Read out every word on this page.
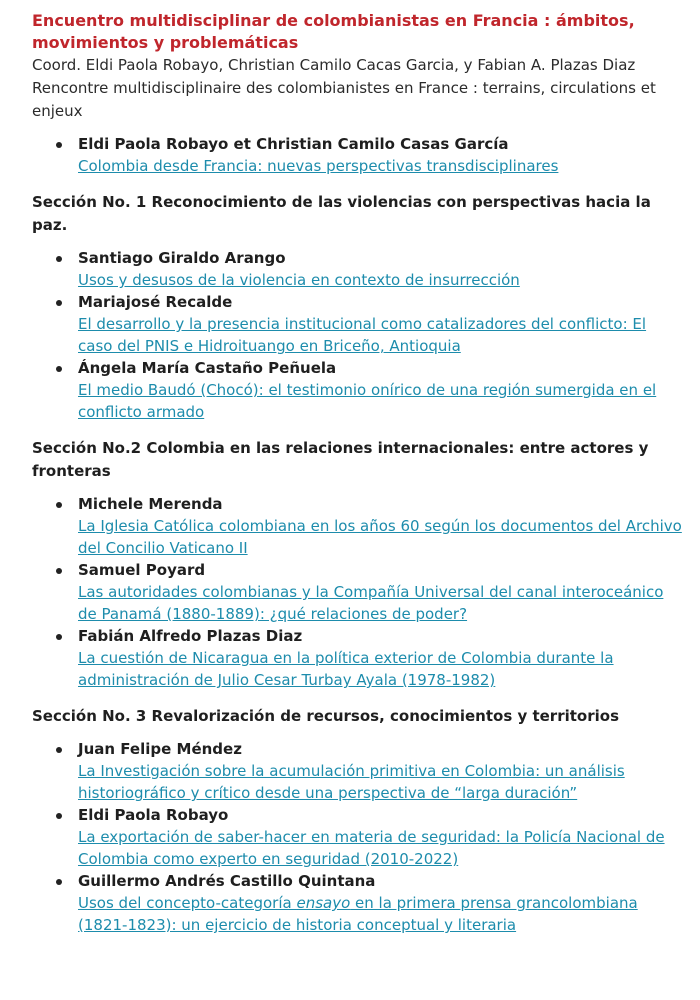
Encuentro multidisciplinar de colombianistas en Francia : ámbitos, movimientos y problemáticas

Coord. Eldi Paola Robayo, Christian Camilo Cacas Garcia, y Fabian A. Plazas Diaz

Rencontre multidisciplinaire des colombianistes en France : terrains, circulations et enjeux

Eldi Paola Robayo et Christian Camilo Casas García
Colombia desde Francia: nuevas perspectivas transdisciplinares
Sección No. 1 Reconocimiento de las violencias con perspectivas hacia la paz.
Santiago Giraldo Arango
Usos y desusos de la violencia en contexto de insurrección
Mariajosé Recalde
El desarrollo y la presencia institucional como catalizadores del conflicto: El caso del PNIS e Hidroituango en Briceño, Antioquia
Ángela María Castaño Peñuela
El medio Baudó (Chocó): el testimonio onírico de una región sumergida en el conflicto armado
Sección No.2 Colombia en las relaciones internacionales: entre actores y fronteras
Michele Merenda
La Iglesia Católica colombiana en los años 60 según los documentos del Archivo del Concilio Vaticano II
Samuel Poyard
Las autoridades colombianas y la Compañía Universal del canal interoceánico de Panamá (1880-1889): ¿qué relaciones de poder?
Fabián Alfredo Plazas Diaz
La cuestión de Nicaragua en la política exterior de Colombia durante la administración de Julio Cesar Turbay Ayala (1978-1982)
Sección No. 3 Revalorización de recursos, conocimientos y territorios
Juan Felipe Méndez
La Investigación sobre la acumulación primitiva en Colombia: un análisis historiográfico y crítico desde una perspectiva de “larga duración”
Eldi Paola Robayo
La exportación de saber-hacer en materia de seguridad: la Policía Nacional de Colombia como experto en seguridad (2010-2022)
Guillermo Andrés Castillo Quintana
Usos del concepto-categoría ensayo en la primera prensa grancolombiana (1821-1823): un ejercicio de historia conceptual y literaria
